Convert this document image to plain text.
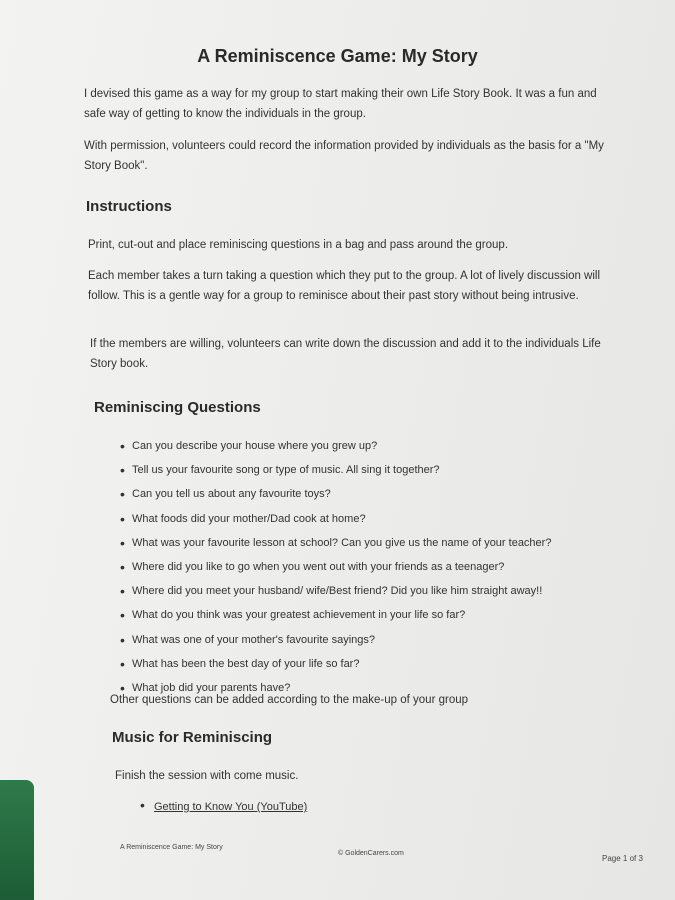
A Reminiscence Game: My Story
I devised this game as a way for my group to start making their own Life Story Book. It was a fun and safe way of getting to know the individuals in the group.
With permission, volunteers could record the information provided by individuals as the basis for a "My Story Book".
Instructions
Print, cut-out and place reminiscing questions in a bag and pass around the group.
Each member takes a turn taking a question which they put to the group. A lot of lively discussion will follow. This is a gentle way for a group to reminisce about their past story without being intrusive.
If the members are willing, volunteers can write down the discussion and add it to the individuals Life Story book.
Reminiscing Questions
• Can you describe your house where you grew up?
• Tell us your favourite song or type of music. All sing it together?
• Can you tell us about any favourite toys?
• What foods did your mother/Dad cook at home?
• What was your favourite lesson at school? Can you give us the name of your teacher?
• Where did you like to go when you went out with your friends as a teenager?
• Where did you meet your husband/ wife/Best friend? Did you like him straight away!!
• What do you think was your greatest achievement in your life so far?
• What was one of your mother's favourite sayings?
• What has been the best day of your life so far?
• What job did your parents have?
Other questions can be added according to the make-up of your group
Music for Reminiscing
Finish the session with come music.
• Getting to Know You (YouTube)
A Reminiscence Game: My Story
© GoldenCarers.com
Page 1 of 3
